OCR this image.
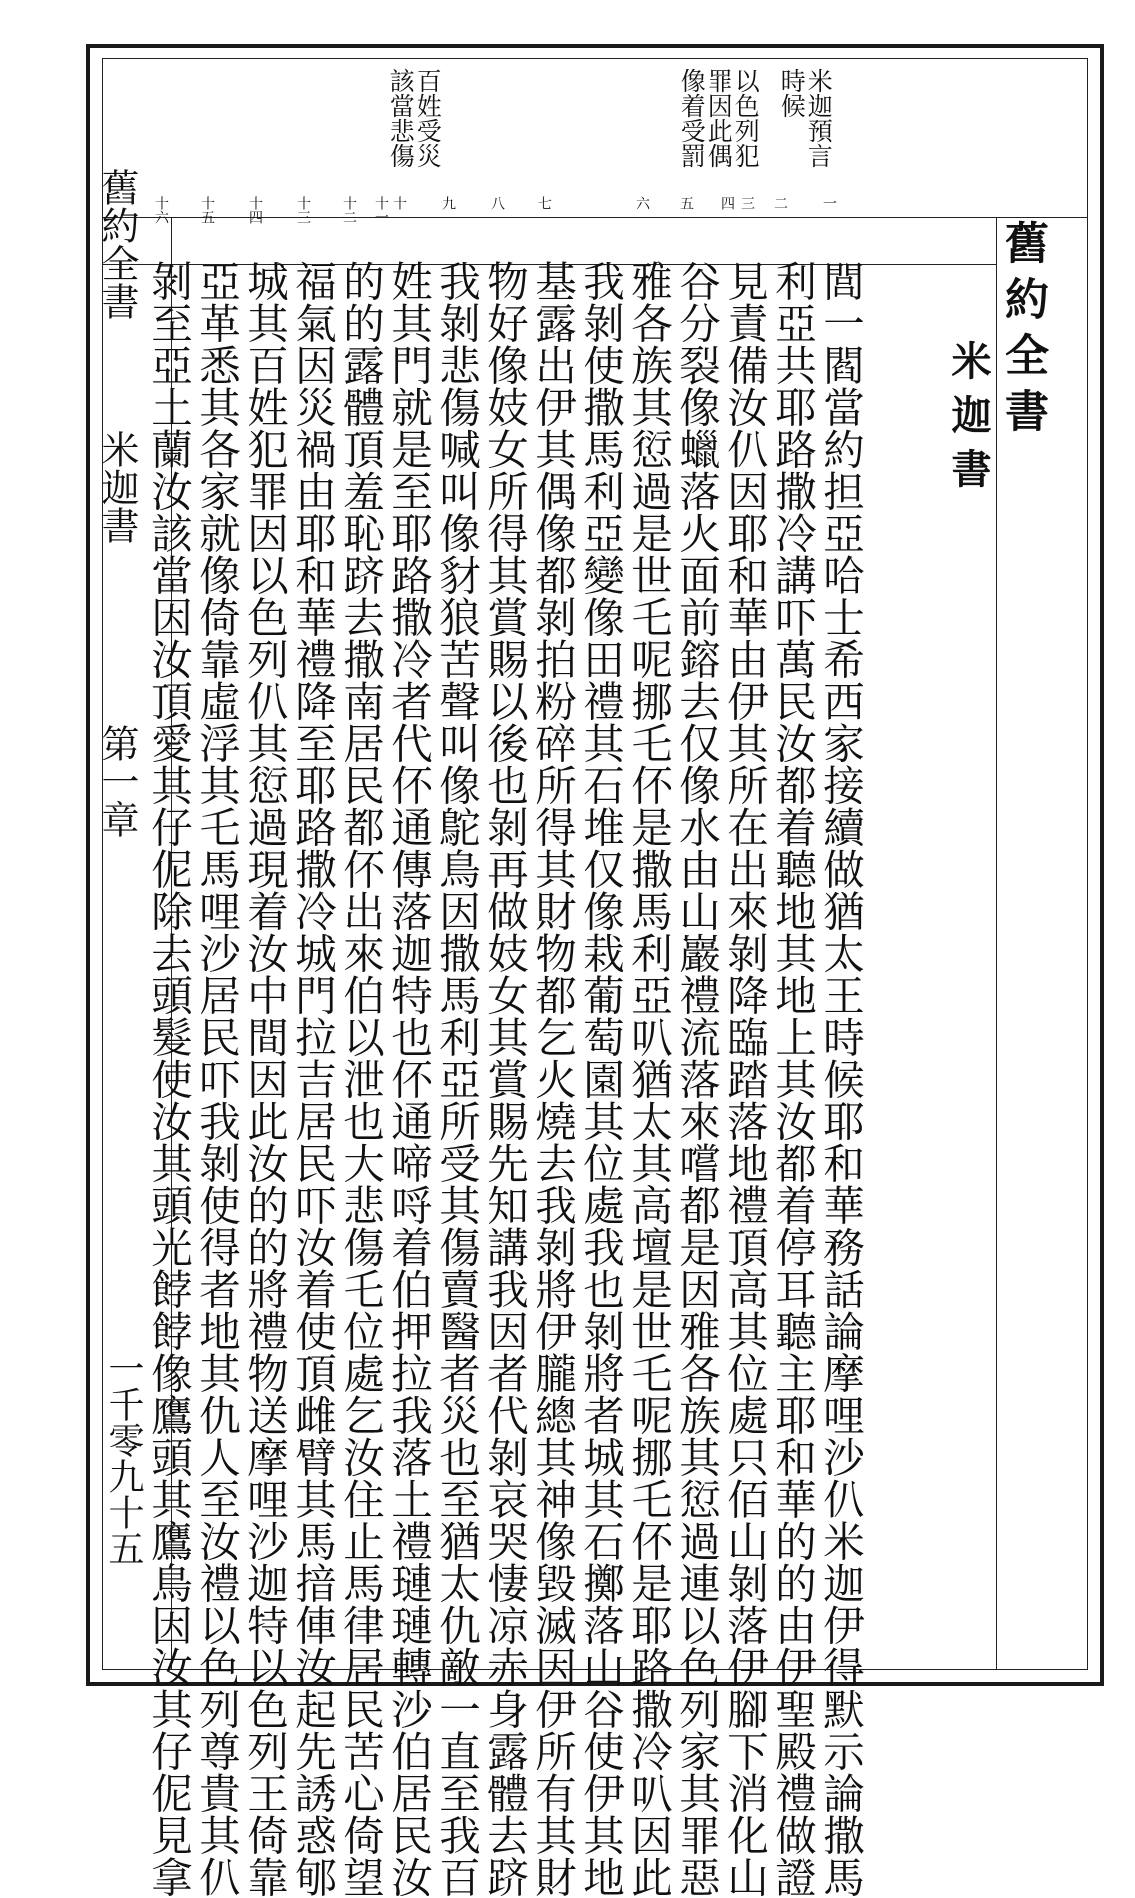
米迦預言
時候
以色列犯
罪因此偶
像着受罰
百姓受災
該當悲傷
一
二
三
四
五
六
七
八
九
十
十一
十二
十三
十四
十五
十六
舊約全書
米迦書
閭一閻當約担亞哈士希西家接續做猶太王時候耶和華務話論摩哩沙仈米迦伊得默示論撒馬
利亞共耶路撒冷講吓萬民汝都着聽地其地上其汝都着停耳聽主耶和華的的由伊聖殿禮做證
見責備汝仈因耶和華由伊其所在出來剝降臨踏落地禮頂高其位處只佰山剝落伊腳下消化山
谷分裂像蠟落火面前鎔去仅像水由山巖禮流落來嚐都是因雅各族其愆過連以色列家其罪惡
雅各族其愆過是世乇呢挪乇伓是撒馬利亞叭猶太其高壇是世乇呢挪乇伓是耶路撒冷叭因此
我剝使撒馬利亞變像田禮其石堆仅像栽葡萄園其位處我也剝將者城其石擲落山谷使伊其地
基露出伊其偶像都剝拍粉碎所得其財物都乞火燒去我剝將伊朧總其神像毀滅因伊所有其財
物好像妓女所得其賞賜以後也剝再做妓女其賞賜先知講我因者代剝哀哭悽凉赤身露體去跻
我剝悲傷喊叫像豺狼苦聲叫像鴕鳥因撒馬利亞所受其傷賣醫者災也至猶太仇敵一直至我百
姓其門就是至耶路撒冷者代伓通傳落迦特也伓通啼哷着伯押拉我落土禮璉璉轉沙伯居民汝
的的露體頂羞恥跻去撒南居民都伓出來伯以泄也大悲傷乇位處乞汝住止馬律居民苦心倚望
福氣因災禍由耶和華禮降至耶路撒冷城門拉吉居民吓汝着使頂雌臂其馬揞俥汝起先誘惑郇
城其百姓犯罪因以色列仈其愆過現着汝中間因此汝的的將禮物送摩哩沙迦特以色列王倚靠
亞革悉其各家就像倚靠虛浮其乇馬哩沙居民吓我剝使得者地其仇人至汝禮以色列尊貴其仈
剝至亞土蘭汝該當因汝頂愛其仔伲除去頭髮使汝其頭光餑餑像鷹頭其鷹鳥因汝其仔伲見拿
舊約全書米迦書第一章
一千零九十五
